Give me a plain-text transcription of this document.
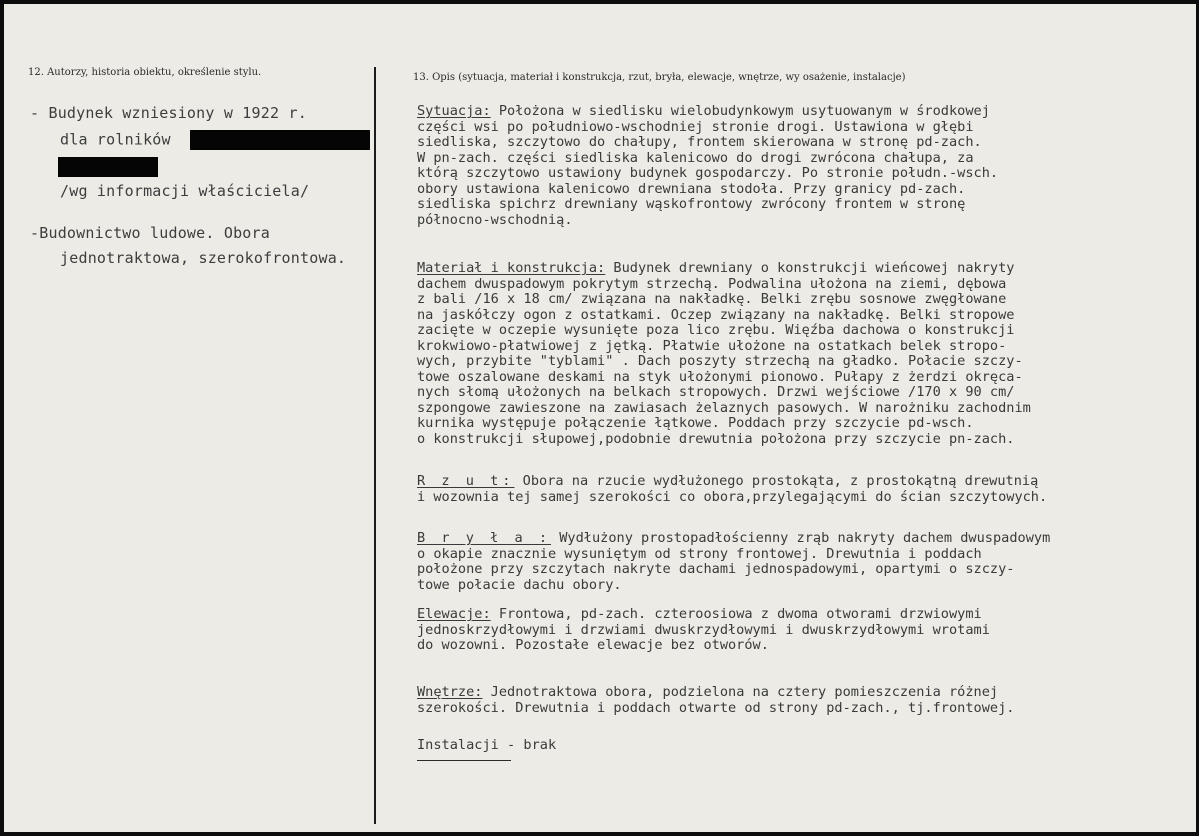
12. Autorzy, historia obiektu, określenie stylu.	13. Opis (sytuacja, materiał i konstrukcja, rzut, bryła, elewacje, wnętrze, wy osażenie, instalacje)
- Budynek wzniesiony w 1922 r.
dla rolników
/wg informacji właściciela/
-Budownictwo ludowe. Obora
jednotraktowa, szerokofrontowa.
Sytuacja: Położona w siedlisku wielobudynkowym usytuowanym w środkowej
części wsi po południowo-wschodniej stronie drogi. Ustawiona w głębi
siedliska, szczytowo do chałupy, frontem skierowana w stronę pd-zach.
W pn-zach. części siedliska kalenicowo do drogi zwrócona chałupa, za
którą szczytowo ustawiony budynek gospodarczy. Po stronie połudn.-wsch.
obory ustawiona kalenicowo drewniana stodoła. Przy granicy pd-zach.
siedliska spichrz drewniany wąskofrontowy zwrócony frontem w stronę
północno-wschodnią.
Materiał i konstrukcja: Budynek drewniany o konstrukcji wieńcowej nakryty
dachem dwuspadowym pokrytym strzechą. Podwalina ułożona na ziemi, dębowa
z bali /16 x 18 cm/ związana na nakładkę. Belki zrębu sosnowe zwęgłowane
na jaskółczy ogon z ostatkami. Oczep związany na nakładkę. Belki stropowe
zacięte w oczepie wysunięte poza lico zrębu. Więźba dachowa o konstrukcji
krokwiowo-płatwiowej z jętką. Płatwie ułożone na ostatkach belek stropo-
wych, przybite "tyblami" . Dach poszyty strzechą na gładko. Połacie szczy-
towe oszalowane deskami na styk ułożonymi pionowo. Pułapy z żerdzi okręca-
nych słomą ułożonych na belkach stropowych. Drzwi wejściowe /170 x 90 cm/
szpongowe zawieszone na zawiasach żelaznych pasowych. W narożniku zachodnim
kurnika występuje połączenie łątkowe. Poddach przy szczycie pd-wsch.
o konstrukcji słupowej,podobnie drewutnia położona przy szczycie pn-zach.
R z u t: Obora na rzucie wydłużonego prostokąta, z prostokątną drewutnią
i wozownia tej samej szerokości co obora,przylegającymi do ścian szczytowych.
B r y ł a : Wydłużony prostopadłościenny zrąb nakryty dachem dwuspadowym
o okapie znacznie wysuniętym od strony frontowej. Drewutnia i poddach
położone przy szczytach nakryte dachami jednospadowymi, opartymi o szczy-
towe połacie dachu obory.
Elewacje: Frontowa, pd-zach. czteroosiowa z dwoma otworami drzwiowymi
jednoskrzydłowymi i drzwiami dwuskrzydłowymi i dwuskrzydłowymi wrotami
do wozowni. Pozostałe elewacje bez otworów.
Wnętrze: Jednotraktowa obora, podzielona na cztery pomieszczenia różnej
szerokości. Drewutnia i poddach otwarte od strony pd-zach., tj.frontowej.
Instalacji - brak
